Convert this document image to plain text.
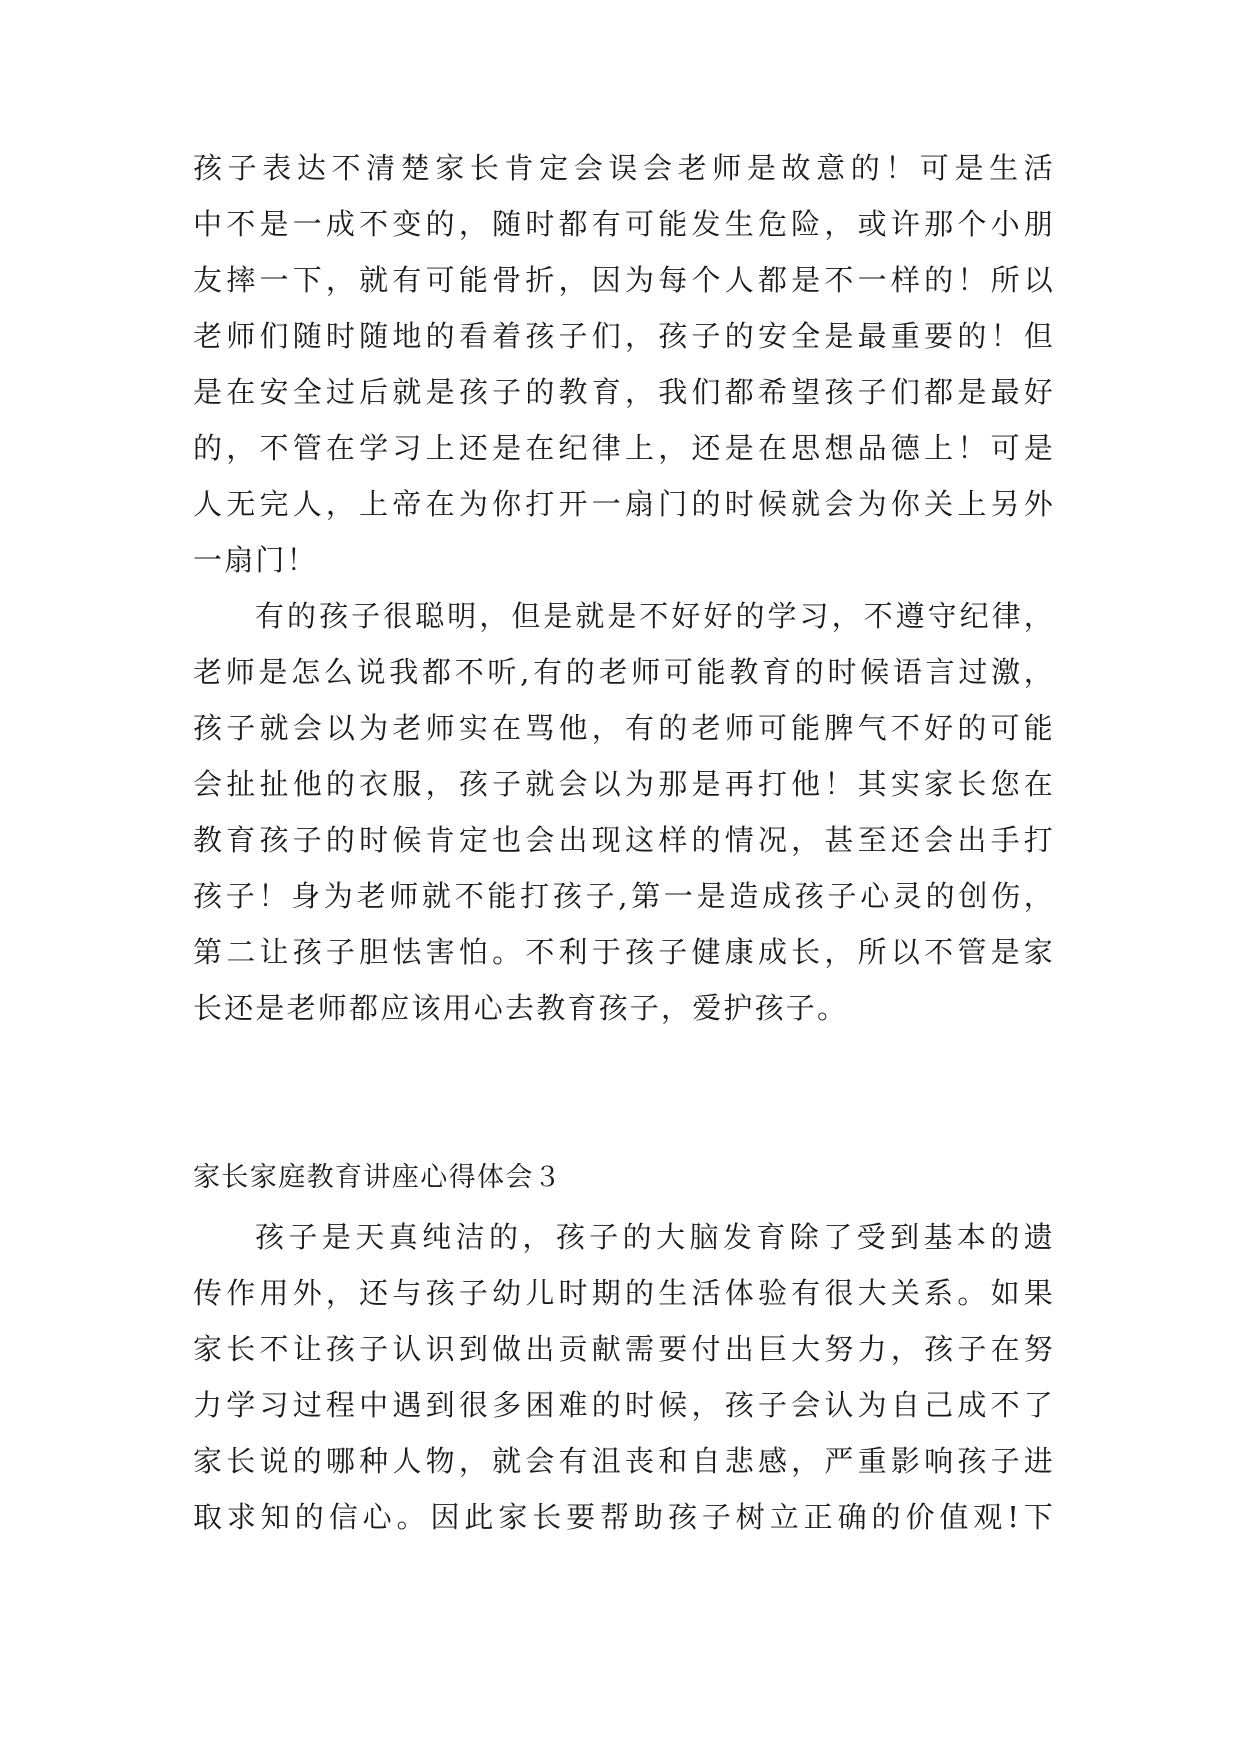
孩子表达不清楚家长肯定会误会老师是故意的！可是生活
中不是一成不变的，随时都有可能发生危险，或许那个小朋
友摔一下，就有可能骨折，因为每个人都是不一样的！所以
老师们随时随地的看着孩子们，孩子的安全是最重要的！但
是在安全过后就是孩子的教育，我们都希望孩子们都是最好
的，不管在学习上还是在纪律上，还是在思想品德上！可是
人无完人，上帝在为你打开一扇门的时候就会为你关上另外
一扇门！
有的孩子很聪明，但是就是不好好的学习，不遵守纪律，
老师是怎么说我都不听,有的老师可能教育的时候语言过激，
孩子就会以为老师实在骂他，有的老师可能脾气不好的可能
会扯扯他的衣服，孩子就会以为那是再打他！其实家长您在
教育孩子的时候肯定也会出现这样的情况，甚至还会出手打
孩子！身为老师就不能打孩子,第一是造成孩子心灵的创伤，
第二让孩子胆怯害怕。不利于孩子健康成长，所以不管是家
长还是老师都应该用心去教育孩子，爱护孩子。
家长家庭教育讲座心得体会３
孩子是天真纯洁的，孩子的大脑发育除了受到基本的遗
传作用外，还与孩子幼儿时期的生活体验有很大关系。如果
家长不让孩子认识到做出贡献需要付出巨大努力，孩子在努
力学习过程中遇到很多困难的时候，孩子会认为自己成不了
家长说的哪种人物，就会有沮丧和自悲感，严重影响孩子进
取求知的信心。因此家长要帮助孩子树立正确的价值观!下
